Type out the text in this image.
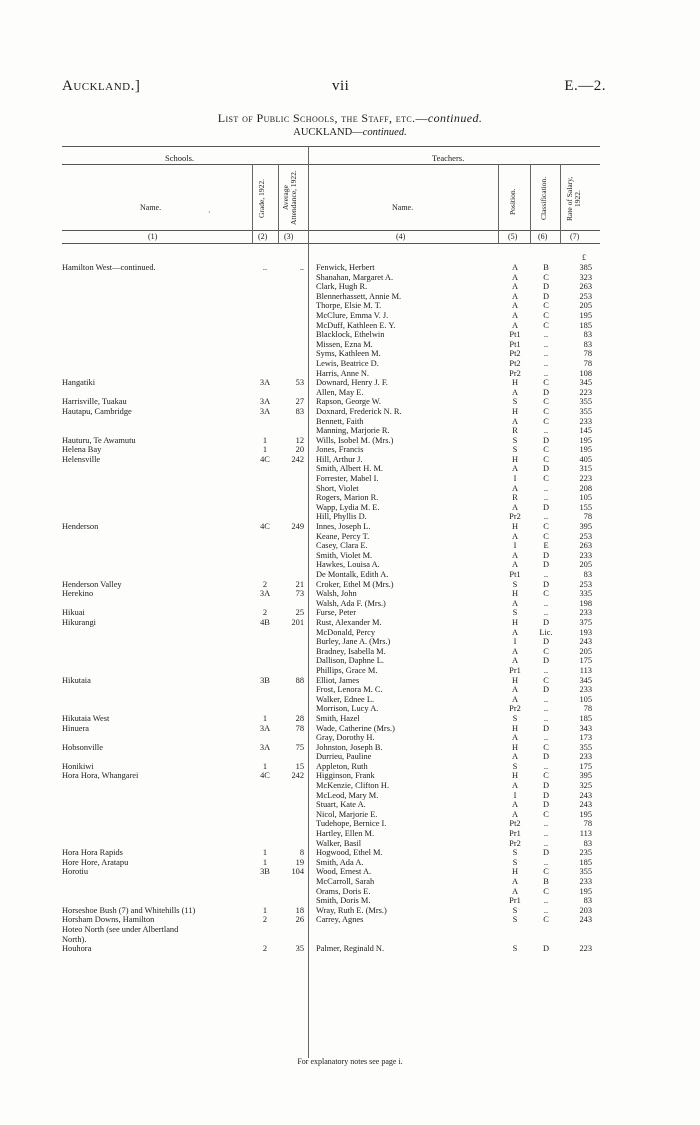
Auckland.]	vii	E.—2.
List of Public Schools, the Staff, etc.—continued.
AUCKLAND—continued.
Schools.	Teachers.
Name.
·	Grade, 1922. Average Attendance, 1922.	Name.	Position.	Classification. Rate of Salary, 1922.
(1)	(2) (3)	(4)	(5)	(6)	(7)
£
Hamilton West—continued.	..	.. Fenwick, Herbert	A	B	385
Shanahan, Margaret A.	A	C	323
Clark, Hugh R.	A	D	263
Blennerhassett, Annie M.	A	D	253
Thorpe, Elsie M. T.	A	C	205
McClure, Emma V. J.	A	C	195
McDuff, Kathleen E. Y.	A	C	185
Blacklock, Ethelwin	Pt1	..	83
Missen, Ezna M.	Pt1	..	83
Syms, Kathleen M.	Pt2	..	78
Lewis, Beatrice D.	Pt2	..	78
Harris, Anne N.	Pr2	..	108
Hangatiki	3A	53 Downard, Henry J. F.	H	C	345
Allen, May E.	A	D	223
Harrisville, Tuakau	3A	27 Rapson, George W.	S	C	355
Hautapu, Cambridge	3A	83 Doxnard, Frederick N. R.	H	C	355
Bennett, Faith	A	C	233
Manning, Marjorie R.	R	..	145
Hauturu, Te Awamutu	1	12 Wills, Isobel M. (Mrs.)	S	D	195
Helena Bay	1	20 Jones, Francis	S	C	195
Helensville	4C	242 Hill, Arthur J.	H	C	405
Smith, Albert H. M.	A	D	315
Forrester, Mabel I.	I	C	223
Short, Violet	A	..	208
Rogers, Marion R.	R	..	105
Wapp, Lydia M. E.	A	D	155
Hill, Phyllis D.	Pr2	..	78
Henderson	4C	249 Innes, Joseph L.	H	C	395
Keane, Percy T.	A	C	253
Casey, Clara E.	I	E	263
Smith, Violet M.	A	D	233
Hawkes, Louisa A.	A	D	205
De Montalk, Edith A.	Pt1	..	83
Henderson Valley	2	21 Croker, Ethel M (Mrs.)	S	D	253
Herekino	3A	73 Walsh, John	H	C	335
Walsh, Ada F. (Mrs.)	A	..	198
Hikuai	2	25 Furse, Peter	S	..	233
Hikurangi	4B	201 Rust, Alexander M.	H	D	375
McDonald, Percy	A	Lic.	193
Burley, Jane A. (Mrs.)	I	D	243
Bradney, Isabella M.	A	C	205
Dallison, Daphne L.	A	D	175
Phillips, Grace M.	Pr1	..	113
Hikutaia	3B	88 Elliot, James	H	C	345
Frost, Lenora M. C.	A	D	233
Walker, Ednee L.	A	..	105
Morrison, Lucy A.	Pr2	..	78
Hikutaia West	1	28 Smith, Hazel	S	..	185
Hinuera	3A	78 Wade, Catherine (Mrs.)	H	D	343
Gray, Dorothy H.	A	..	173
Hobsonville	3A	75 Johnston, Joseph B.	H	C	355
Durrieu, Pauline	A	D	233
Honikiwi	1	15 Appleton, Ruth	S	..	175
Hora Hora, Whangarei	4C	242 Higginson, Frank	H	C	395
McKenzie, Clifton H.	A	D	325
McLeod, Mary M.	I	D	243
Stuart, Kate A.	A	D	243
Nicol, Marjorie E.	A	C	195
Tudehope, Bernice I.	Pt2	..	78
Hartley, Ellen M.	Pr1	..	113
Walker, Basil	Pr2	..	83
Hora Hora Rapids	1	8 Hogwood, Ethel M.	S	D	235
Hore Hore, Aratapu	1	19 Smith, Ada A.	S	..	185
Horotiu	3B	104 Wood, Ernest A.	H	C	355
McCarroll, Sarah	A	B	233
Orams, Doris E.	A	C	195
Smith, Doris M.	Pr1	..	83
Horseshoe Bush (7) and Whitehills (11)	1	18 Wray, Ruth E. (Mrs.)	S	..	203
Horsham Downs, Hamilton	2	26 Carrey, Agnes	S	C	243
Hoteo North (see under Albertland
North).
Houhora	2	35 Palmer, Reginald N.	S	D	223
For explanatory notes see page i.
